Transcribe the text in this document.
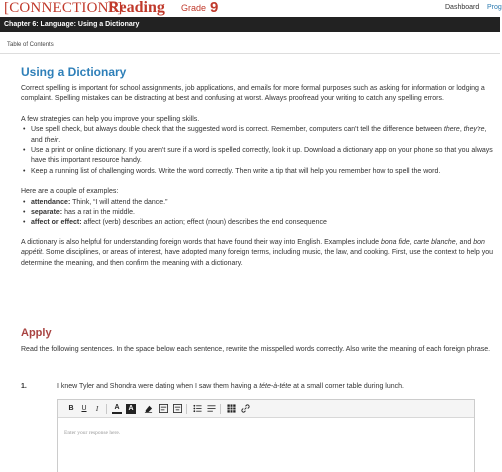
[CONNECTIONS]
Reading Grade 9	Dashboard Prog
Chapter 6: Language: Using a Dictionary
Table of Contents
Using a Dictionary

Correct spelling is important for school assignments, job applications, and emails for more formal purposes such as asking for information or lodging a complaint. Spelling mistakes can be distracting at best and confusing at worst. Always proofread your writing to catch any spelling errors.

A few strategies can help you improve your spelling skills.

• Use spell check, but always double check that the suggested word is correct. Remember, computers can't tell the difference between there, they're, and their.
• Use a print or online dictionary. If you aren't sure if a word is spelled correctly, look it up. Download a dictionary app on your phone so that you always have this important resource handy.
• Keep a running list of challenging words. Write the word correctly. Then write a tip that will help you remember how to spell the word.

Here are a couple of examples:

• attendance: Think, “I will attend the dance.”
• separate: has a rat in the middle.
• affect or effect: affect (verb) describes an action; effect (noun) describes the end consequence

A dictionary is also helpful for understanding foreign words that have found their way into English. Examples include bona fide, carte blanche, and bon appétit. Some disciplines, or areas of interest, have adopted many foreign terms, including music, the law, and cooking. First, use the context to help you determine the meaning, and then confirm the meaning with a dictionary.

Apply

Read the following sentences. In the space below each sentence, rewrite the misspelled words correctly. Also write the meaning of each foreign phrase.

1.	I knew Tyler and Shondra were dating when I saw them having a téte-à-téte at a small corner table during lunch.
B	U	I	A	A
Enter your response here.
